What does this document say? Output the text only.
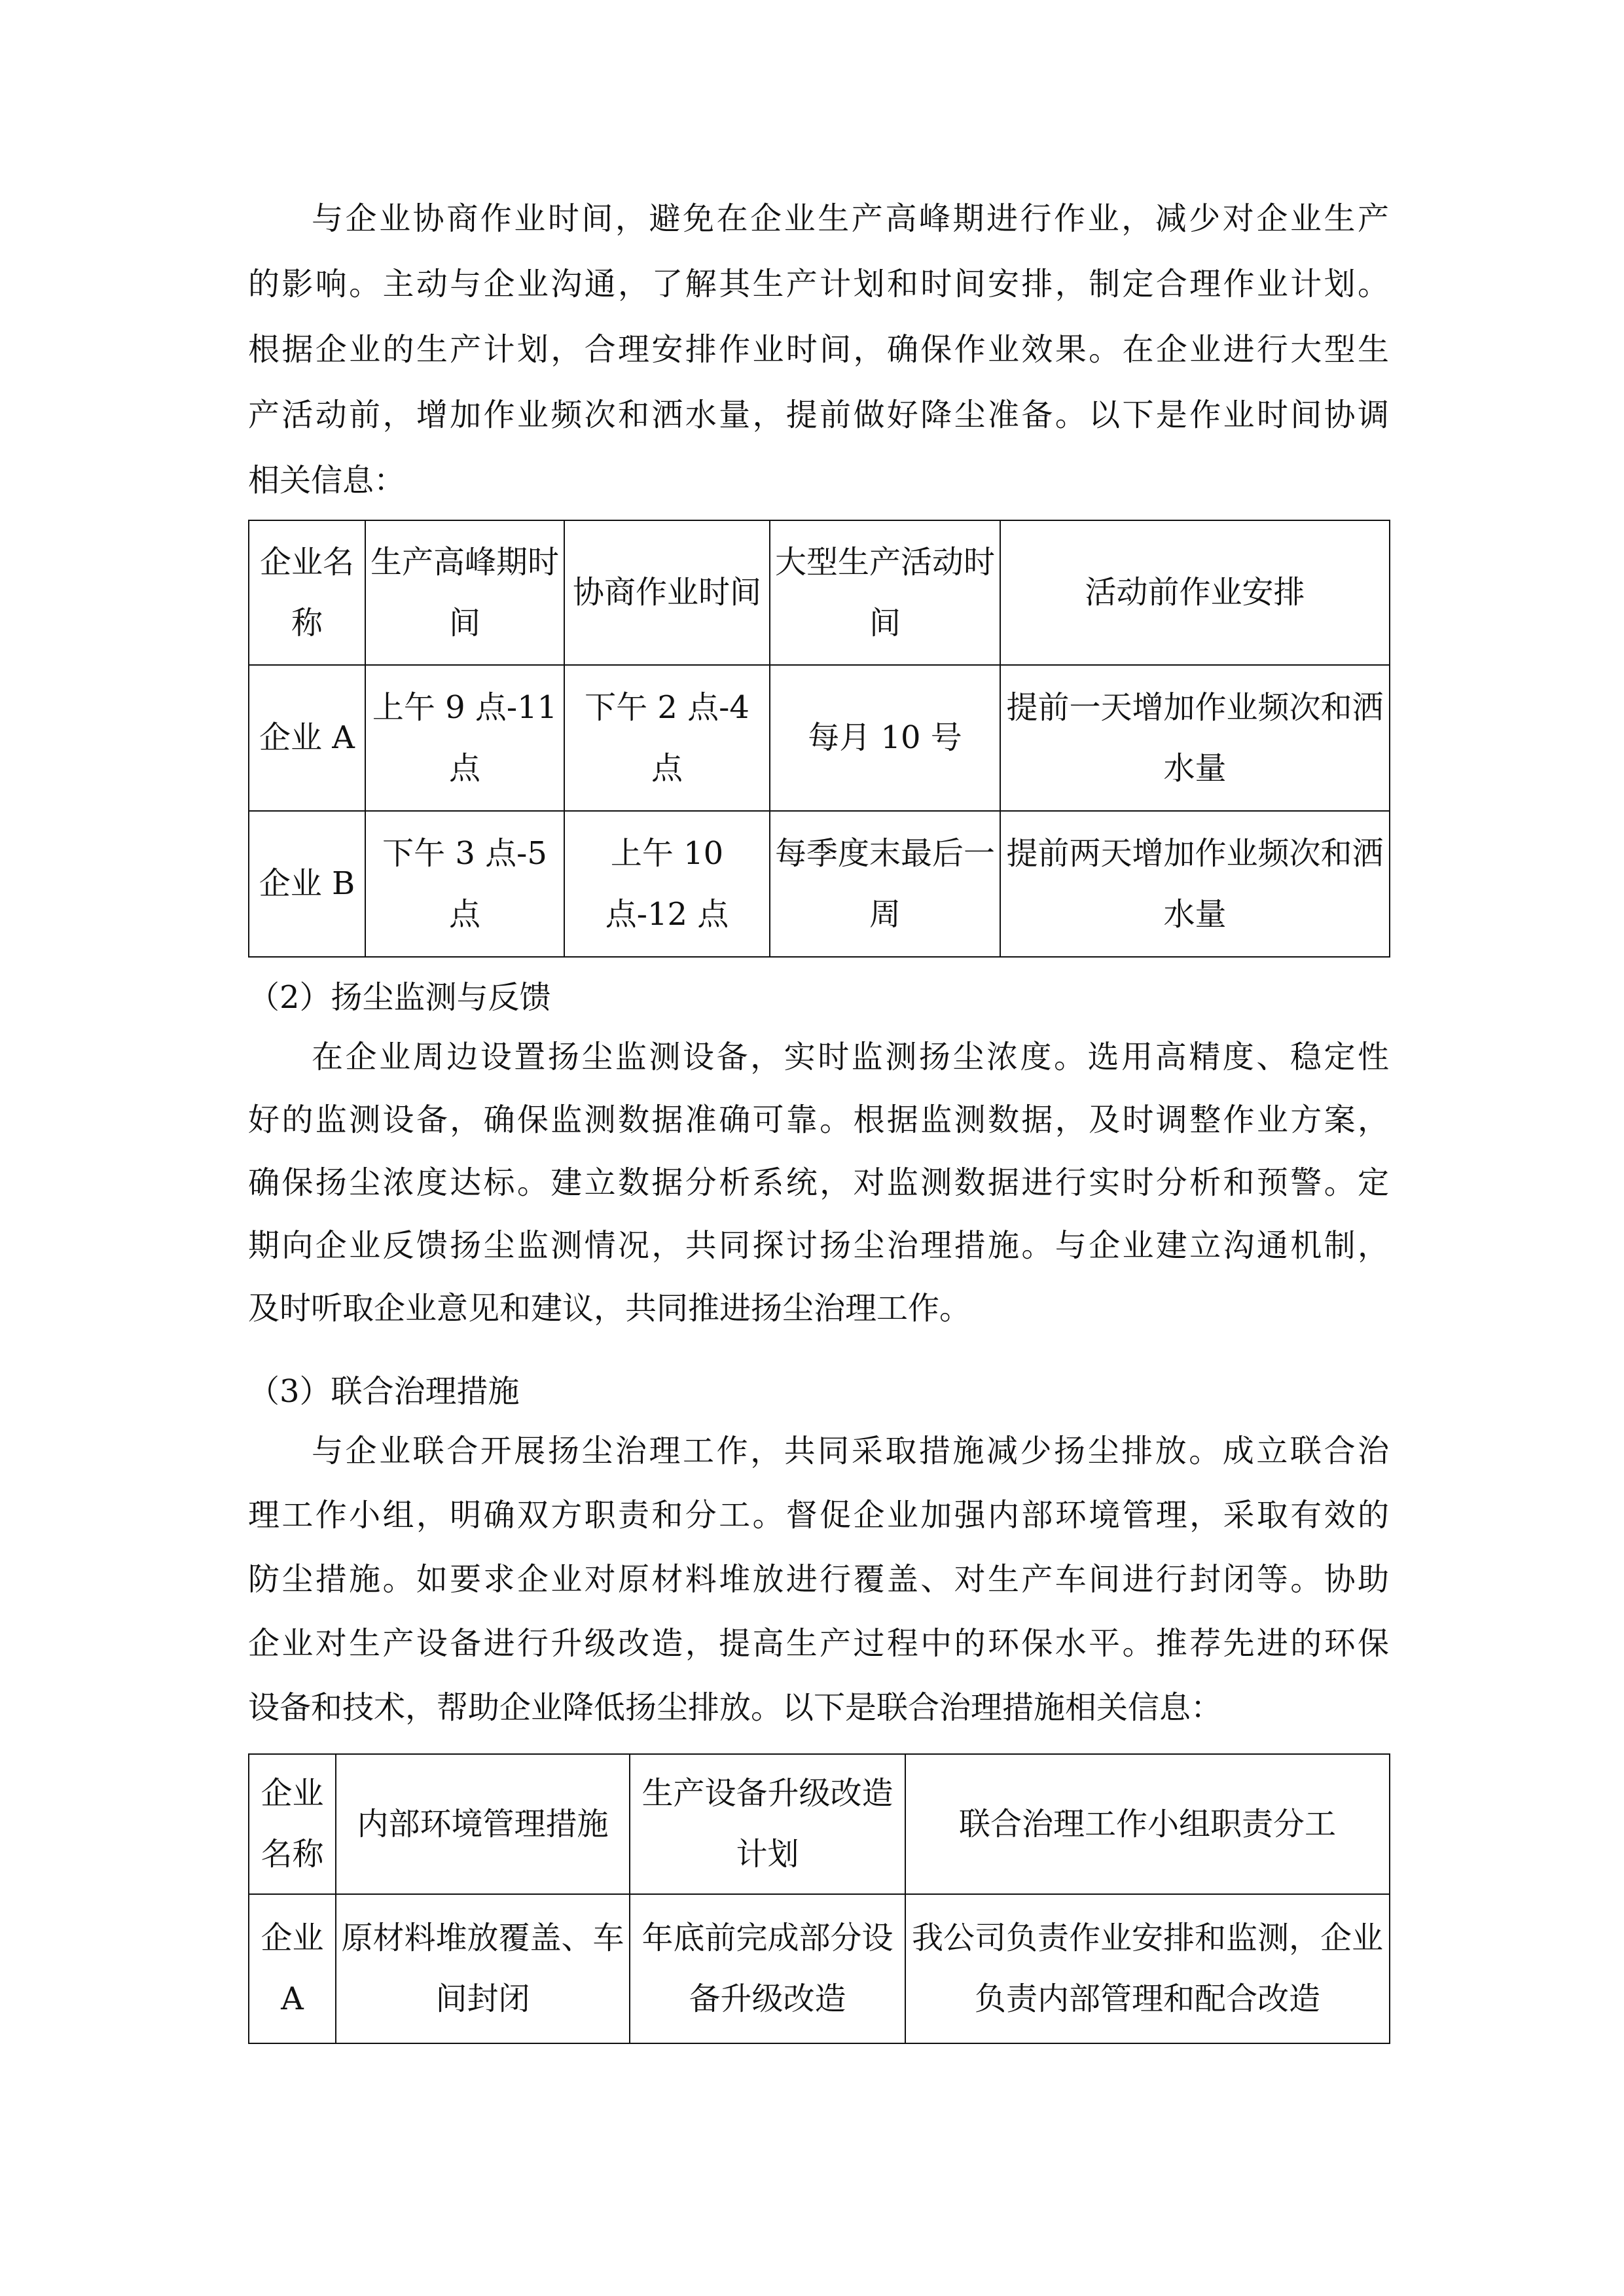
与企业协商作业时间，避免在企业生产高峰期进行作业，减少对企业生产
的影响。主动与企业沟通，了解其生产计划和时间安排，制定合理作业计划。
根据企业的生产计划，合理安排作业时间，确保作业效果。在企业进行大型生
产活动前，增加作业频次和洒水量，提前做好降尘准备。以下是作业时间协调
相关信息：
企业名称	生产高峰期时间	协商作业时间	大型生产活动时间	活动前作业安排
企业 A	上午 9 点-11 点	下午 2 点-4 点	每月 10 号	提前一天增加作业频次和洒水量
企业 B	下午 3 点-5 点	上午 10 点-12 点	每季度末最后一周	提前两天增加作业频次和洒水量
（2）扬尘监测与反馈
在企业周边设置扬尘监测设备，实时监测扬尘浓度。选用高精度、稳定性
好的监测设备，确保监测数据准确可靠。根据监测数据，及时调整作业方案，
确保扬尘浓度达标。建立数据分析系统，对监测数据进行实时分析和预警。定
期向企业反馈扬尘监测情况，共同探讨扬尘治理措施。与企业建立沟通机制，
及时听取企业意见和建议，共同推进扬尘治理工作。
（3）联合治理措施
与企业联合开展扬尘治理工作，共同采取措施减少扬尘排放。成立联合治
理工作小组，明确双方职责和分工。督促企业加强内部环境管理，采取有效的
防尘措施。如要求企业对原材料堆放进行覆盖、对生产车间进行封闭等。协助
企业对生产设备进行升级改造，提高生产过程中的环保水平。推荐先进的环保
设备和技术，帮助企业降低扬尘排放。以下是联合治理措施相关信息：
企业名称	内部环境管理措施	生产设备升级改造计划	联合治理工作小组职责分工
企业 A	原材料堆放覆盖、车间封闭	年底前完成部分设备升级改造	我公司负责作业安排和监测，企业负责内部管理和配合改造
